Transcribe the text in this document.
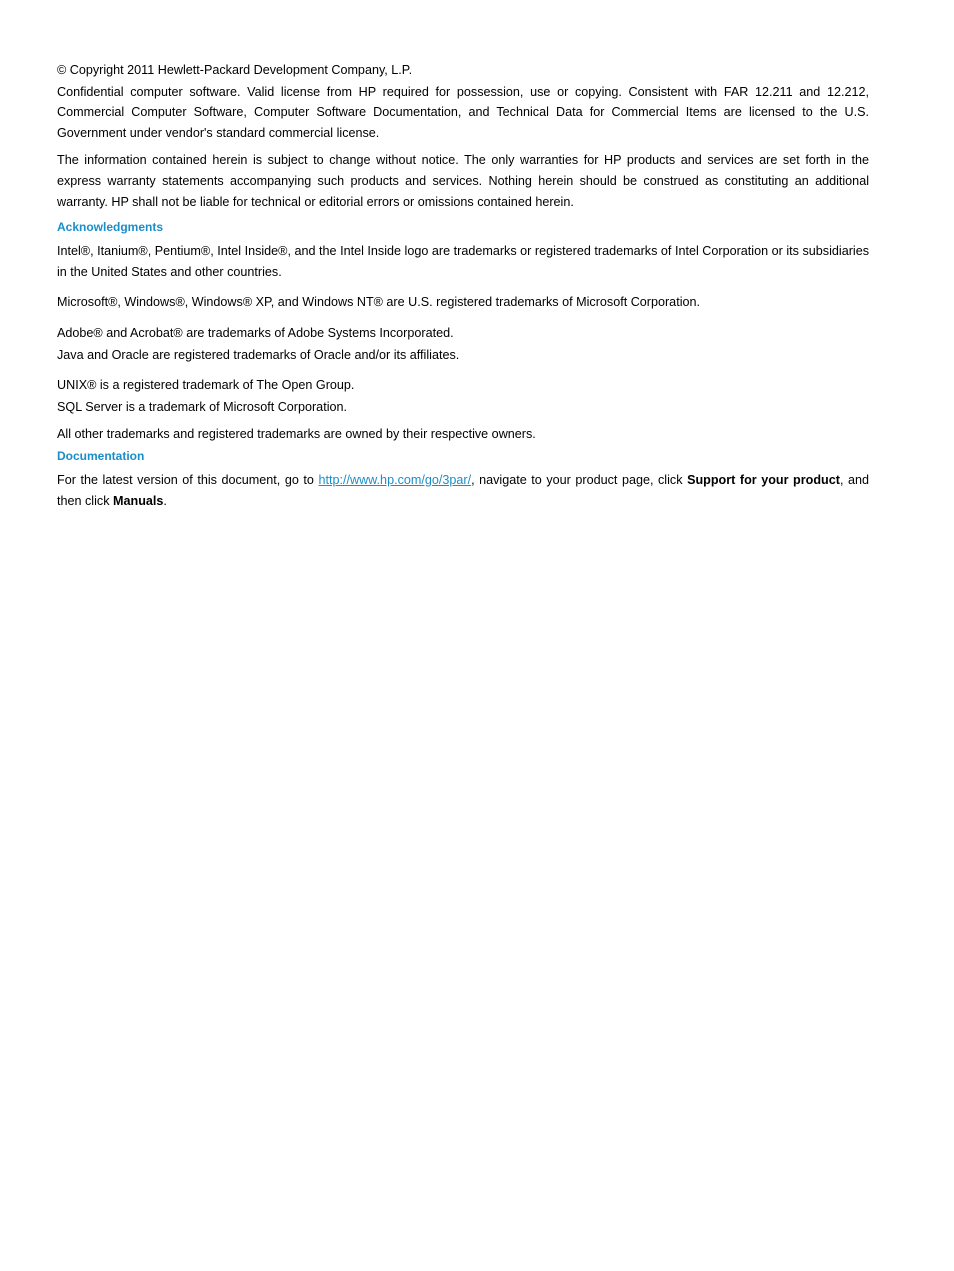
© Copyright 2011 Hewlett-Packard Development Company, L.P.

Confidential computer software. Valid license from HP required for possession, use or copying. Consistent with FAR 12.211 and 12.212, Commercial Computer Software, Computer Software Documentation, and Technical Data for Commercial Items are licensed to the U.S. Government under vendor's standard commercial license.

The information contained herein is subject to change without notice. The only warranties for HP products and services are set forth in the express warranty statements accompanying such products and services. Nothing herein should be construed as constituting an additional warranty. HP shall not be liable for technical or editorial errors or omissions contained herein.

Acknowledgments

Intel®, Itanium®, Pentium®, Intel Inside®, and the Intel Inside logo are trademarks or registered trademarks of Intel Corporation or its subsidiaries in the United States and other countries.

Microsoft®, Windows®, Windows® XP, and Windows NT® are U.S. registered trademarks of Microsoft Corporation.

Adobe® and Acrobat® are trademarks of Adobe Systems Incorporated.

Java and Oracle are registered trademarks of Oracle and/or its affiliates.

UNIX® is a registered trademark of The Open Group.

SQL Server is a trademark of Microsoft Corporation.

All other trademarks and registered trademarks are owned by their respective owners.

Documentation

For the latest version of this document, go to http://www.hp.com/go/3par/, navigate to your product page, click Support for your product, and then click Manuals.
